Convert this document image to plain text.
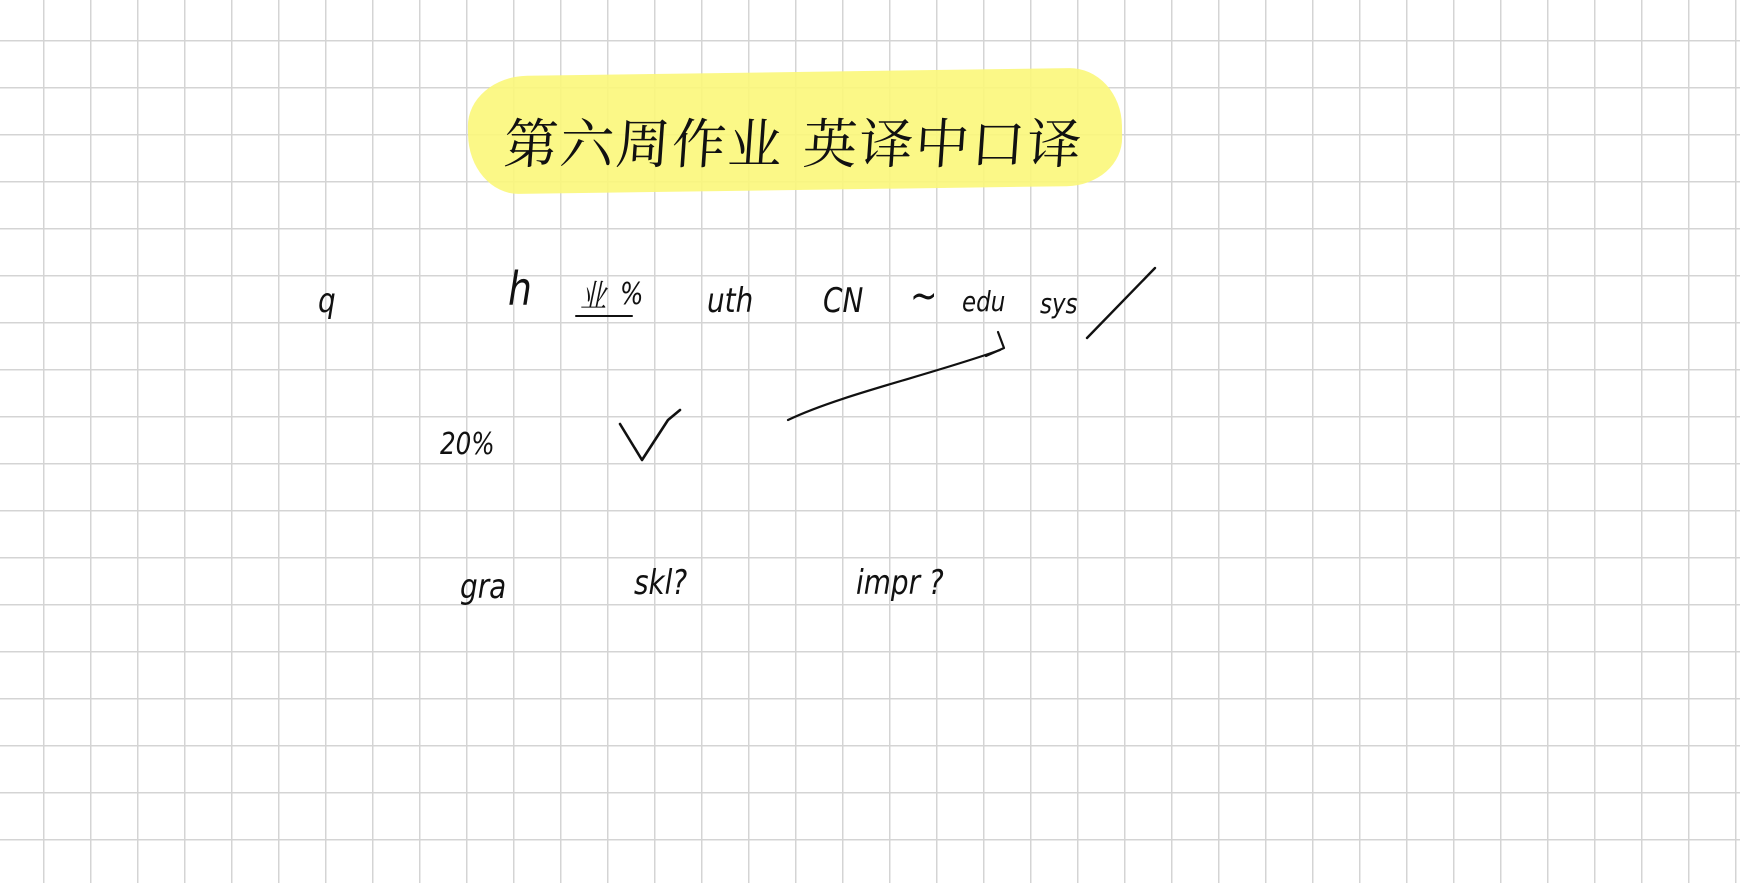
第六周作业 英译中口译
q	h 业 % uth CN ~ edu sys
20%
gra	skl?	impr ?
